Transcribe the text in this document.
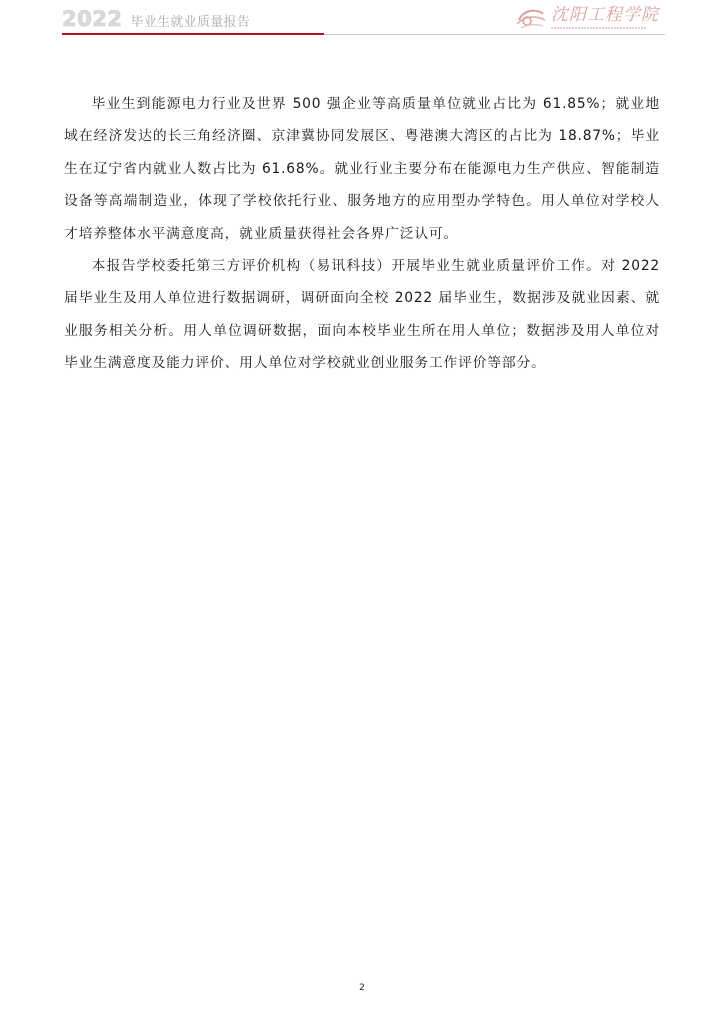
2022 毕业生就业质量报告	沈阳工程学院

毕业生到能源电力行业及世界 500 强企业等高质量单位就业占比为 61.85%；就业地域在经济发达的长三角经济圈、京津冀协同发展区、粤港澳大湾区的占比为 18.87%；毕业生在辽宁省内就业人数占比为 61.68%。就业行业主要分布在能源电力生产供应、智能制造设备等高端制造业，体现了学校依托行业、服务地方的应用型办学特色。用人单位对学校人才培养整体水平满意度高，就业质量获得社会各界广泛认可。

本报告学校委托第三方评价机构（易讯科技）开展毕业生就业质量评价工作。对 2022 届毕业生及用人单位进行数据调研，调研面向全校 2022 届毕业生，数据涉及就业因素、就业服务相关分析。用人单位调研数据，面向本校毕业生所在用人单位；数据涉及用人单位对毕业生满意度及能力评价、用人单位对学校就业创业服务工作评价等部分。

2
